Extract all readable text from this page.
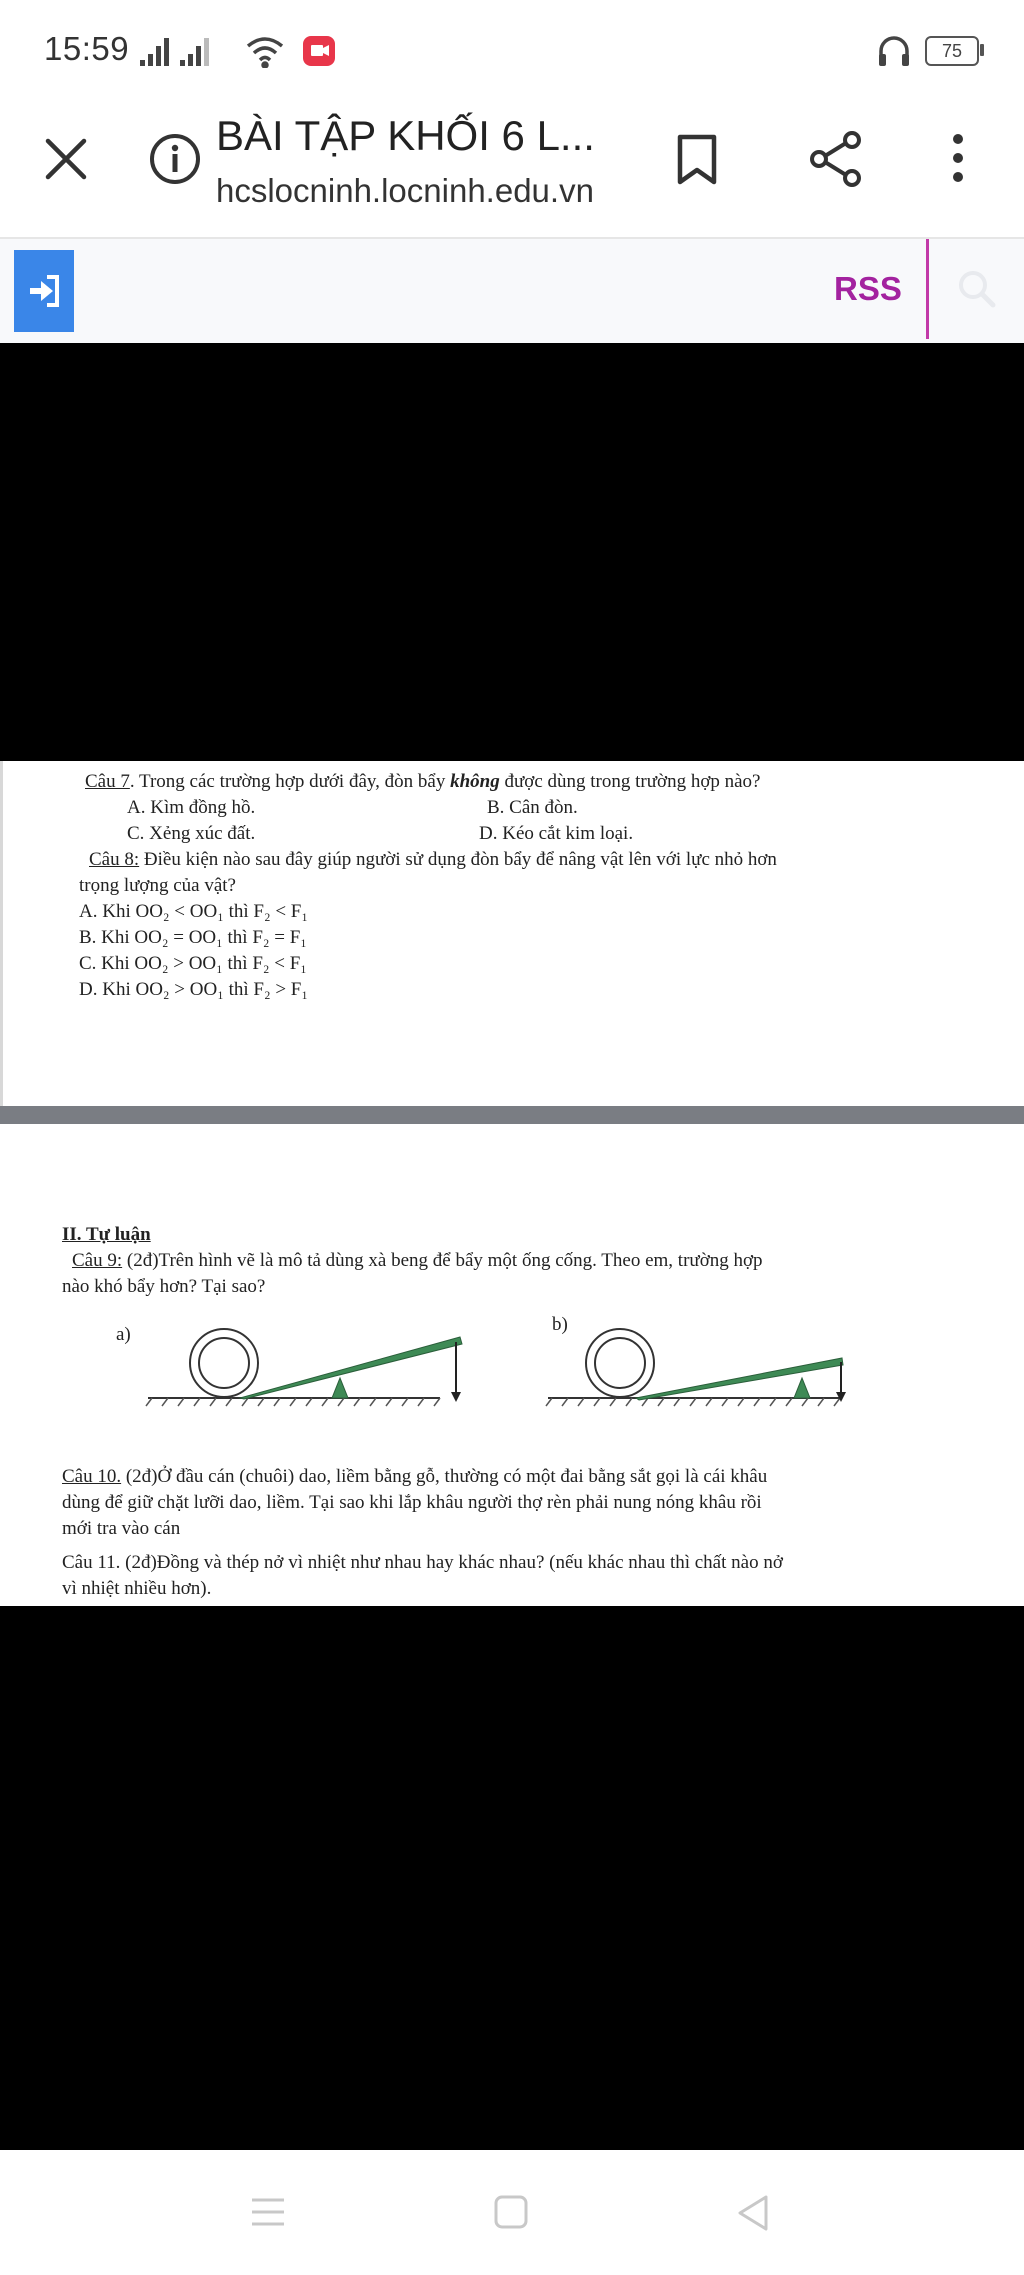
15:59	75
BÀI TẬP KHỐI 6 L...
hcslocninh.locninh.edu.vn
RSS
Câu 7. Trong các trường hợp dưới đây, đòn bẩy không được dùng trong trường hợp nào?
A. Kìm đồng hồ.	B. Cân đòn.
C. Xẻng xúc đất.	D. Kéo cắt kim loại.
Câu 8: Điều kiện nào sau đây giúp người sử dụng đòn bẩy để nâng vật lên với lực nhỏ hơn
trọng lượng của vật?
A. Khi OO₂ < OO₁ thì F₂ < F₁
B. Khi OO₂ = OO₁ thì F₂ = F₁
C. Khi OO₂ > OO₁ thì F₂ < F₁
D. Khi OO₂ > OO₁ thì F₂ > F₁
II. Tự luận
Câu 9: (2đ)Trên hình vẽ là mô tả dùng xà beng để bẩy một ống cống. Theo em, trường hợp
nào khó bẩy hơn? Tại sao?
a)	b)
Câu 10. (2đ)Ở đầu cán (chuôi) dao, liềm bằng gỗ, thường có một đai bằng sắt gọi là cái khâu
dùng để giữ chặt lưỡi dao, liềm. Tại sao khi lắp khâu người thợ rèn phải nung nóng khâu rồi
mới tra vào cán
Câu 11. (2đ)Đồng và thép nở vì nhiệt như nhau hay khác nhau? (nếu khác nhau thì chất nào nở
vì nhiệt nhiều hơn).
